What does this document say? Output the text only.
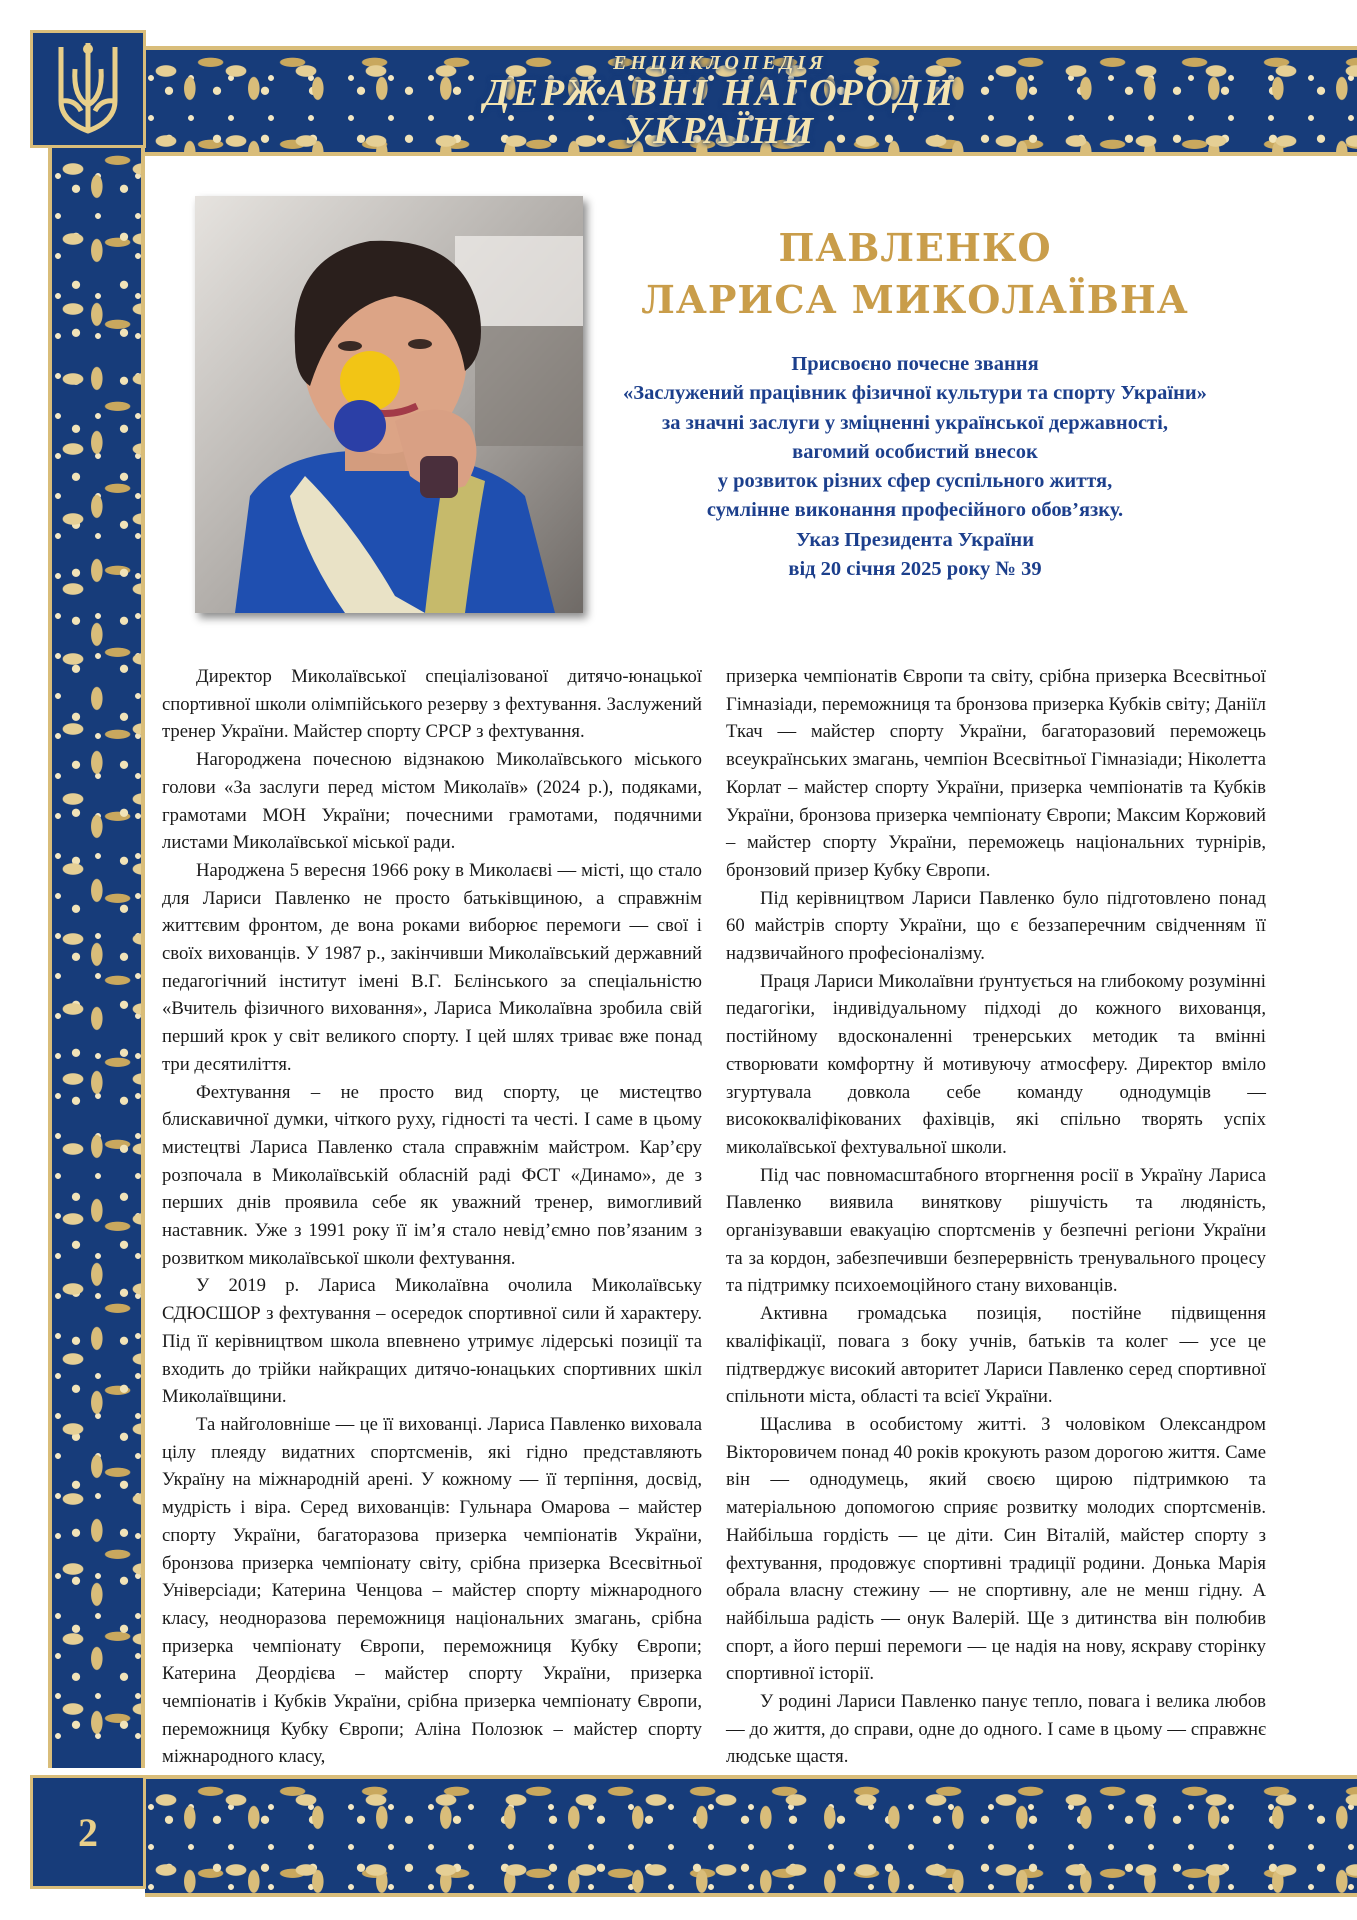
ЕНЦИКЛОПЕДІЯ
ДЕРЖАВНІ НАГОРОДИ
УКРАЇНИ
2
ПАВЛЕНКО
ЛАРИСА МИКОЛАЇВНА
Присвоєно почесне звання
«Заслужений працівник фізичної культури та спорту України»
за значні заслуги у зміцненні української державності,
вагомий особистий внесок
у розвиток різних сфер суспільного життя,
сумлінне виконання професійного обов’язку.
Указ Президента України
від 20 січня 2025 року № 39

Директор Миколаївської спеціалізованої дитячо-юнацької спортивної школи олімпійського резерву з фехтування. Заслужений тренер України. Майстер спорту СРСР з фехтування.

Нагороджена почесною відзнакою Миколаївського міського голови «За заслуги перед містом Миколаїв» (2024 р.), подяками, грамотами МОН України; почесними грамотами, подячними листами Миколаївської міської ради.

Народжена 5 вересня 1966 року в Миколаєві — місті, що стало для Лариси Павленко не просто батьківщиною, а справжнім життєвим фронтом, де вона роками виборює перемоги — свої і своїх вихованців. У 1987 р., закінчивши Миколаївський державний педагогічний інститут імені В.Г. Бєлінського за спеціальністю «Вчитель фізичного виховання», Лариса Миколаївна зробила свій перший крок у світ великого спорту. І цей шлях триває вже понад три десятиліття.

Фехтування – не просто вид спорту, це мистецтво блискавичної думки, чіткого руху, гідності та честі. І саме в цьому мистецтві Лариса Павленко стала справжнім майстром. Кар’єру розпочала в Миколаївській обласній раді ФСТ «Динамо», де з перших днів проявила себе як уважний тренер, вимогливий наставник. Уже з 1991 року її ім’я стало невід’ємно пов’язаним з розвитком миколаївської школи фехтування.

У 2019 р. Лариса Миколаївна очолила Миколаївську СДЮСШОР з фехтування – осередок спортивної сили й характеру. Під її керівництвом школа впевнено утримує лідерські позиції та входить до трійки найкращих дитячо-юнацьких спортивних шкіл Миколаївщини.

Та найголовніше — це її вихованці. Лариса Павленко виховала цілу плеяду видатних спортсменів, які гідно представляють Україну на міжнародній арені. У кожному — її терпіння, досвід, мудрість і віра. Серед вихованців: Гульнара Омарова – майстер спорту України, багаторазова призерка чемпіонатів України, бронзова призерка чемпіонату світу, срібна призерка Всесвітньої Універсіади; Катерина Ченцова – майстер спорту міжнародного класу, неодноразова переможниця національних змагань, срібна призерка чемпіонату Європи, переможниця Кубку Європи; Катерина Деордієва – майстер спорту України, призерка чемпіонатів і Кубків України, срібна призерка чемпіонату Європи, переможниця Кубку Європи; Аліна Полозюк – майстер спорту міжнародного класу,

призерка чемпіонатів Європи та світу, срібна призерка Всесвітньої Гімназіади, переможниця та бронзова призерка Кубків світу; Даніїл Ткач — майстер спорту України, багаторазовий переможець всеукраїнських змагань, чемпіон Всесвітньої Гімназіади; Ніколетта Корлат – майстер спорту України, призерка чемпіонатів та Кубків України, бронзова призерка чемпіонату Європи; Максим Коржовий – майстер спорту України, переможець національних турнірів, бронзовий призер Кубку Європи.

Під керівництвом Лариси Павленко було підготовлено понад 60 майстрів спорту України, що є беззаперечним свідченням її надзвичайного професіоналізму.

Праця Лариси Миколаївни ґрунтується на глибокому розумінні педагогіки, індивідуальному підході до кожного вихованця, постійному вдосконаленні тренерських методик та вмінні створювати комфортну й мотивуючу атмосферу. Директор вміло згуртувала довкола себе команду однодумців — висококваліфікованих фахівців, які спільно творять успіх миколаївської фехтувальної школи.

Під час повномасштабного вторгнення росії в Україну Лариса Павленко виявила виняткову рішучість та людяність, організувавши евакуацію спортсменів у безпечні регіони України та за кордон, забезпечивши безперервність тренувального процесу та підтримку психоемоційного стану вихованців.

Активна громадська позиція, постійне підвищення кваліфікації, повага з боку учнів, батьків та колег — усе це підтверджує високий авторитет Лариси Павленко серед спортивної спільноти міста, області та всієї України.

Щаслива в особистому житті. З чоловіком Олександром Вікторовичем понад 40 років крокують разом дорогою життя. Саме він — однодумець, який своєю щирою підтримкою та матеріальною допомогою сприяє розвитку молодих спортсменів. Найбільша гордість — це діти. Син Віталій, майстер спорту з фехтування, продовжує спортивні традиції родини. Донька Марія обрала власну стежину — не спортивну, але не менш гідну. А найбільша радість — онук Валерій. Ще з дитинства він полюбив спорт, а його перші перемоги — це надія на нову, яскраву сторінку спортивної історії.

У родині Лариси Павленко панує тепло, повага і велика любов — до життя, до справи, одне до одного. І саме в цьому — справжнє людське щастя.
